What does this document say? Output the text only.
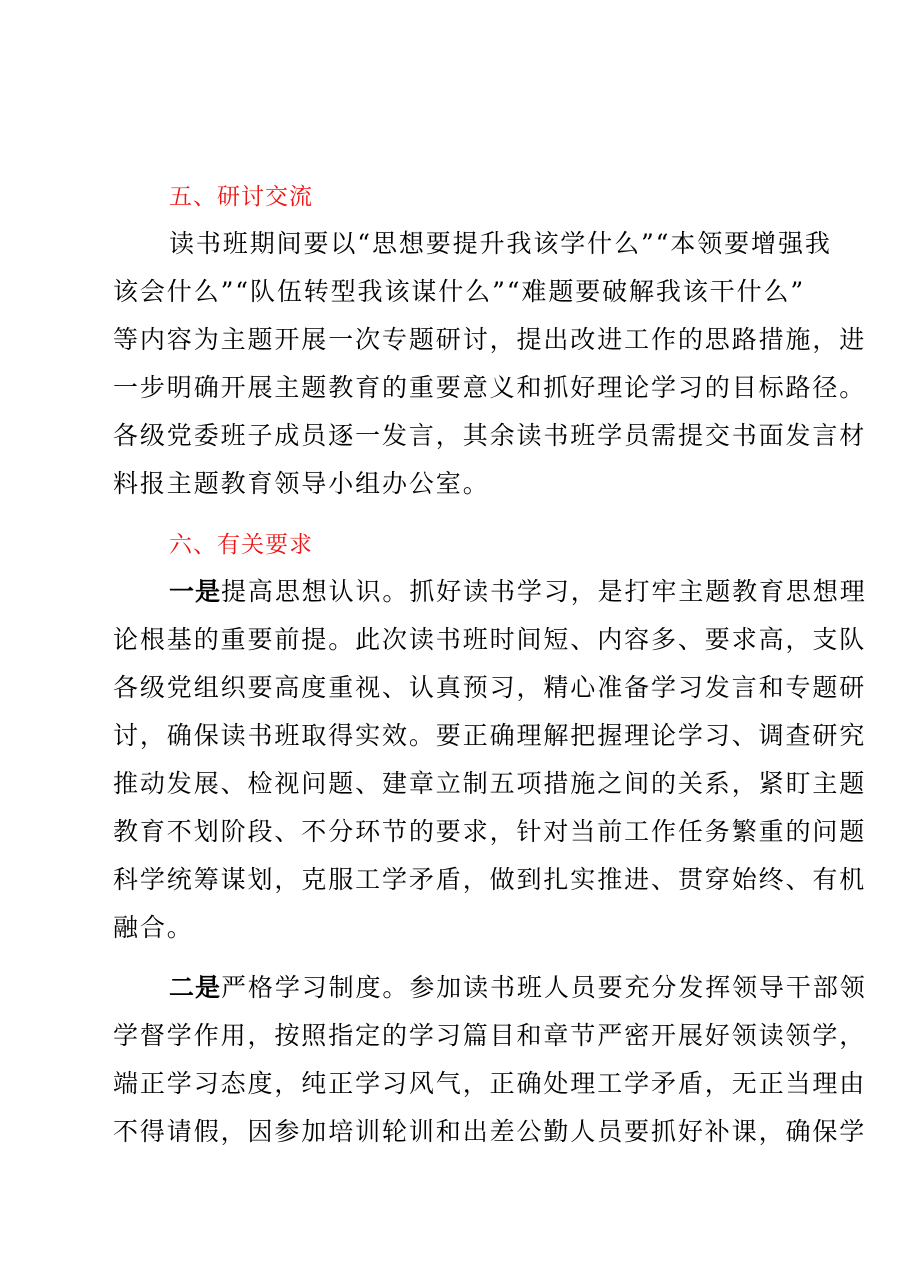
五、研讨交流
读书班期间要以“思想要提升我该学什么”“本领要增强我
该会什么”“队伍转型我该谋什么”“难题要破解我该干什么”
等内容为主题开展一次专题研讨，提出改进工作的思路措施，进
一步明确开展主题教育的重要意义和抓好理论学习的目标路径。
各级党委班子成员逐一发言，其余读书班学员需提交书面发言材
料报主题教育领导小组办公室。
六、有关要求
一是提高思想认识。抓好读书学习，是打牢主题教育思想理
论根基的重要前提。此次读书班时间短、内容多、要求高，支队
各级党组织要高度重视、认真预习，精心准备学习发言和专题研
讨，确保读书班取得实效。要正确理解把握理论学习、调查研究
推动发展、检视问题、建章立制五项措施之间的关系，紧盯主题
教育不划阶段、不分环节的要求，针对当前工作任务繁重的问题
科学统筹谋划，克服工学矛盾，做到扎实推进、贯穿始终、有机
融合。
二是严格学习制度。参加读书班人员要充分发挥领导干部领
学督学作用，按照指定的学习篇目和章节严密开展好领读领学，
端正学习态度，纯正学习风气，正确处理工学矛盾，无正当理由
不得请假，因参加培训轮训和出差公勤人员要抓好补课，确保学
